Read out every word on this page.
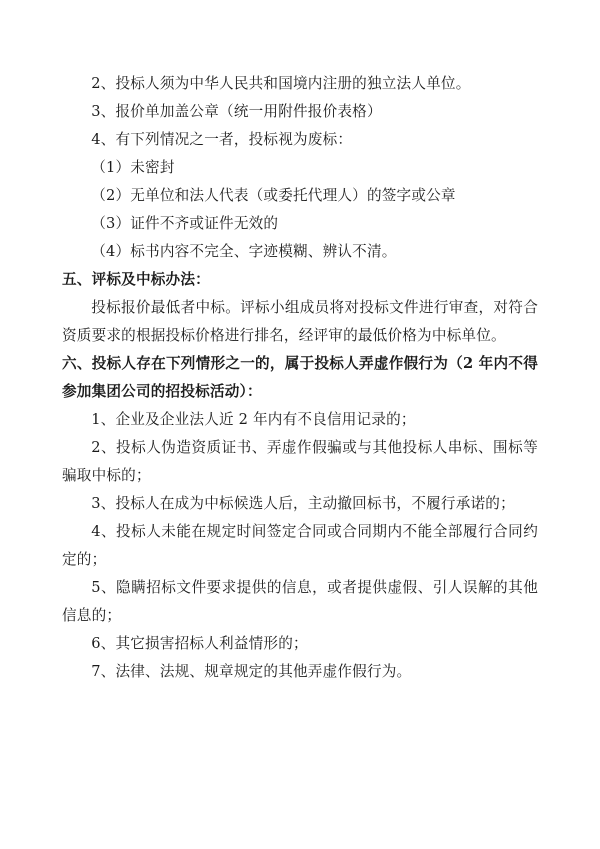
2、投标人须为中华人民共和国境内注册的独立法人单位。

3、报价单加盖公章（统一用附件报价表格）

4、有下列情况之一者，投标视为废标：

（1）未密封

（2）无单位和法人代表（或委托代理人）的签字或公章

（3）证件不齐或证件无效的

（4）标书内容不完全、字迹模糊、辨认不清。

五、评标及中标办法：

投标报价最低者中标。评标小组成员将对投标文件进行审查，对符合资质要求的根据投标价格进行排名，经评审的最低价格为中标单位。

六、投标人存在下列情形之一的，属于投标人弄虚作假行为（2 年内不得参加集团公司的招投标活动）：

1、企业及企业法人近 2 年内有不良信用记录的；

2、投标人伪造资质证书、弄虚作假骗或与其他投标人串标、围标等骗取中标的；

3、投标人在成为中标候选人后，主动撤回标书，不履行承诺的；

4、投标人未能在规定时间签定合同或合同期内不能全部履行合同约定的；

5、隐瞒招标文件要求提供的信息，或者提供虚假、引人误解的其他信息的；

6、其它损害招标人利益情形的；

7、法律、法规、规章规定的其他弄虚作假行为。
